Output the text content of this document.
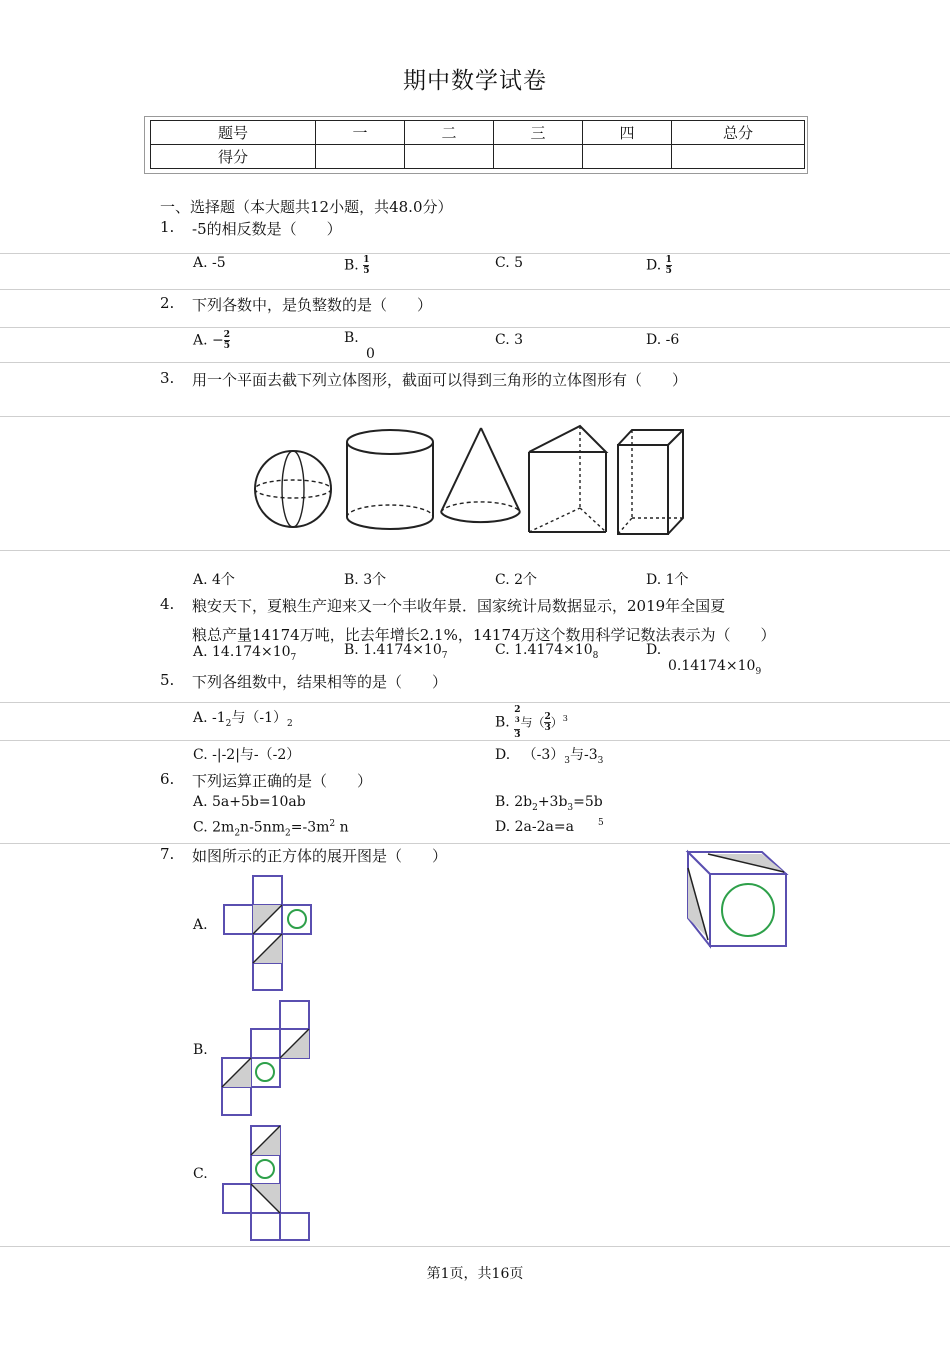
期中数学试卷
题号	一	二	三	四	总分
得分					
一、选择题（本大题共12小题，共48.0分）
1. -5的相反数是（　　）
A. -5	B. $\frac{1}{5}$	C. 5	D. $\frac{1}{5}$
2. 下列各数中，是负整数的是（　　）
A. − $\frac{2}{5}$	B.
0
C. 3	D. -6
3. 用一个平面去截下列立体图形，截面可以得到三角形的立体图形有（　　）
A. 4个	B. 3个	C. 2个	D. 1个
4. 粮安天下，夏粮生产迎来又一个丰收年景．国家统计局数据显示，2019年全国夏
粮总产量14174万吨，比去年增长2.1%，14174万这个数用科学记数法表示为（　　）
A. $14.174\times 10_7$	B. $1.4174\times 10_7$	C. $1.4174\times 10_8$	D.
$0.14174\times 10_9$
5. 下列各组数中，结果相等的是（　　）
A. $-1_2$与$(-1)_2$	B. 2
$^3$
3 与（ $\frac{2}{3} )^3$
C. -|-2|与-（-2）	D. $(-3)_3$与$-3_3$
6. 下列运算正确的是（　　）
A. 5a+5b=10ab	B. $2b_2+3b_3=5b$
C. $2m_2n-5nm_2=-3m^2$ n	D. 2a-2a=a	5
7. 如图所示的正方体的展开图是（　　）
A.
B.
C.
第1页，共16页
